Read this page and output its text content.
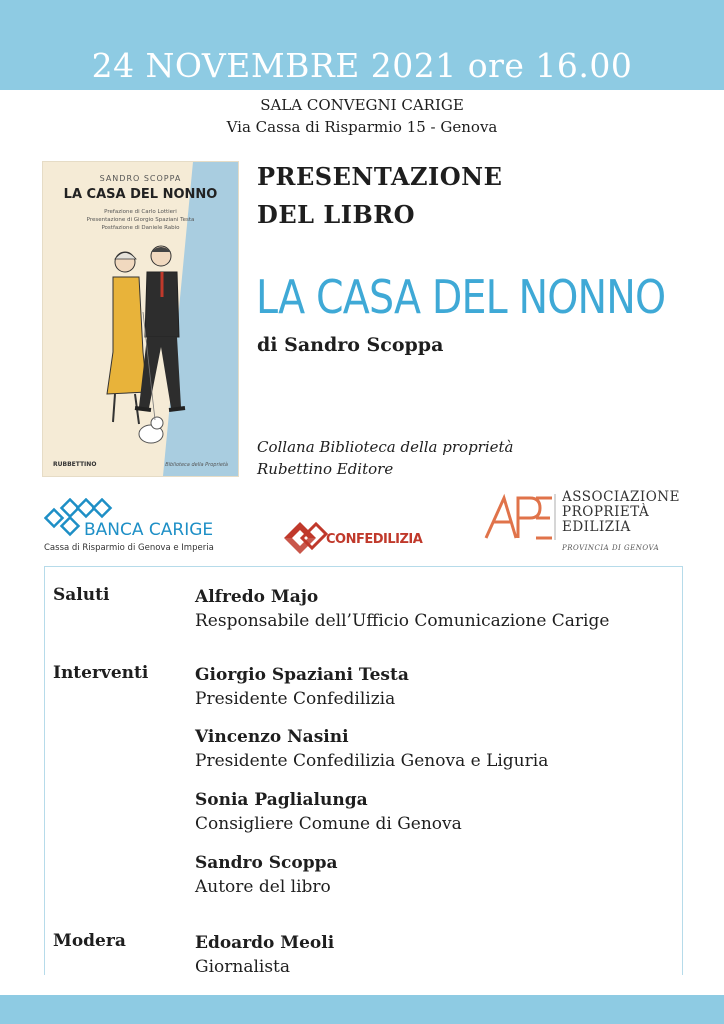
24 NOVEMBRE 2021 ore 16.00
SALA CONVEGNI CARIGE
Via Cassa di Risparmio 15 - Genova
SANDRO SCOPPA
LA CASA DEL NONNO
Prefazione di Carlo Lottieri
Presentazione di Giorgio Spaziani Testa
Postfazione di Daniele Rabio
RUBBETTINO	Biblioteca della Proprietà
PRESENTAZIONE
DEL LIBRO
LA CASA DEL NONNO
di Sandro Scoppa
Collana Biblioteca della proprietà
Rubettino Editore
BANCA CARIGE
Cassa di Risparmio di Genova e Imperia
CONFEDILIZIA
ASSOCIAZIONE
PROPRIETÀ
EDILIZIA
PROVINCIA DI GENOVA
Saluti	Alfredo Majo
Responsabile dell’Ufficio Comunicazione Carige
Interventi	Giorgio Spaziani Testa
Presidente Confedilizia
Vincenzo Nasini
Presidente Confedilizia Genova e Liguria
Sonia Paglialunga
Consigliere Comune di Genova
Sandro Scoppa
Autore del libro
Modera	Edoardo Meoli
Giornalista
